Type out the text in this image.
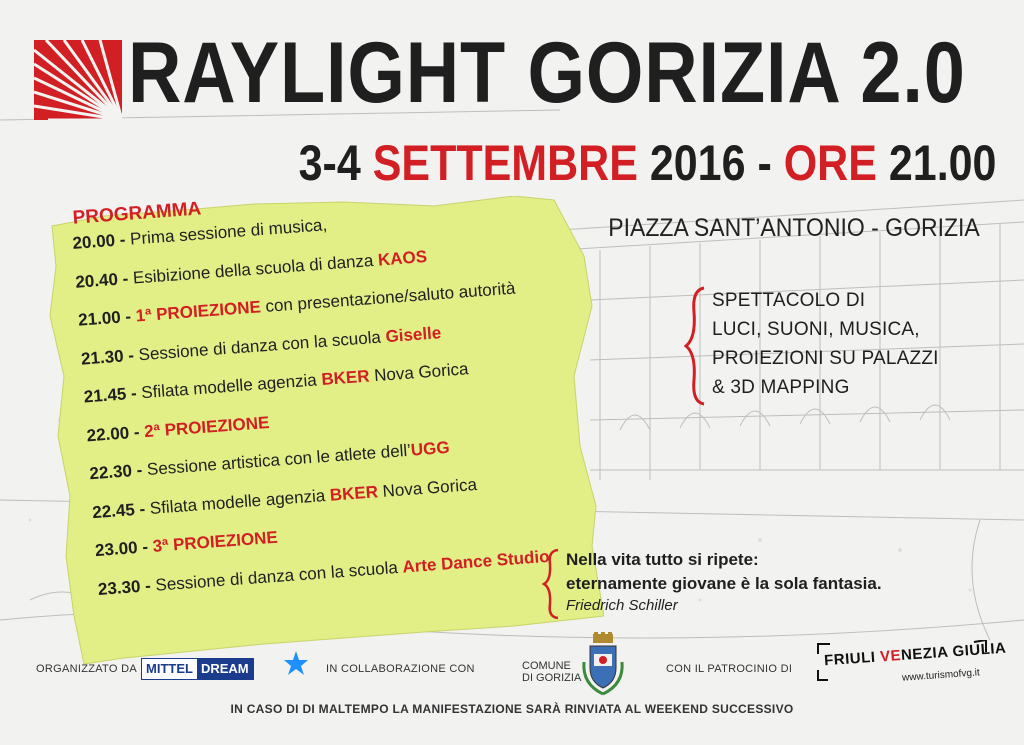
RAYLIGHT GORIZIA 2.0
3-4 SETTEMBRE 2016 - ORE 21.00
PIAZZA SANT’ANTONIO - GORIZIA
PROGRAMMA
20.00 - Prima sessione di musica,
20.40 - Esibizione della scuola di danza KAOS
21.00 - 1ª PROIEZIONE con presentazione/saluto autorità
21.30 - Sessione di danza con la scuola Giselle
21.45 - Sfilata modelle agenzia BKER Nova Gorica
22.00 - 2ª PROIEZIONE
22.30 - Sessione artistica con le atlete dell’UGG
22.45 - Sfilata modelle agenzia BKER Nova Gorica
23.00 - 3ª PROIEZIONE
23.30 - Sessione di danza con la scuola Arte Dance Studio
SPETTACOLO DI
LUCI, SUONI, MUSICA,
PROIEZIONI SU PALAZZI
& 3D MAPPING
Nella vita tutto si ripete:
eternamente giovane è la sola fantasia.
Friedrich Schiller
ORGANIZZATO DA MITTEL DREAM	IN COLLABORAZIONE CON	COMUNE
DI GORIZIA
CON IL PATROCINIO DI FRIULI VENEZIA GIULIA
www.turismofvg.it
IN CASO DI DI MALTEMPO LA MANIFESTAZIONE SARÀ RINVIATA AL WEEKEND SUCCESSIVO
